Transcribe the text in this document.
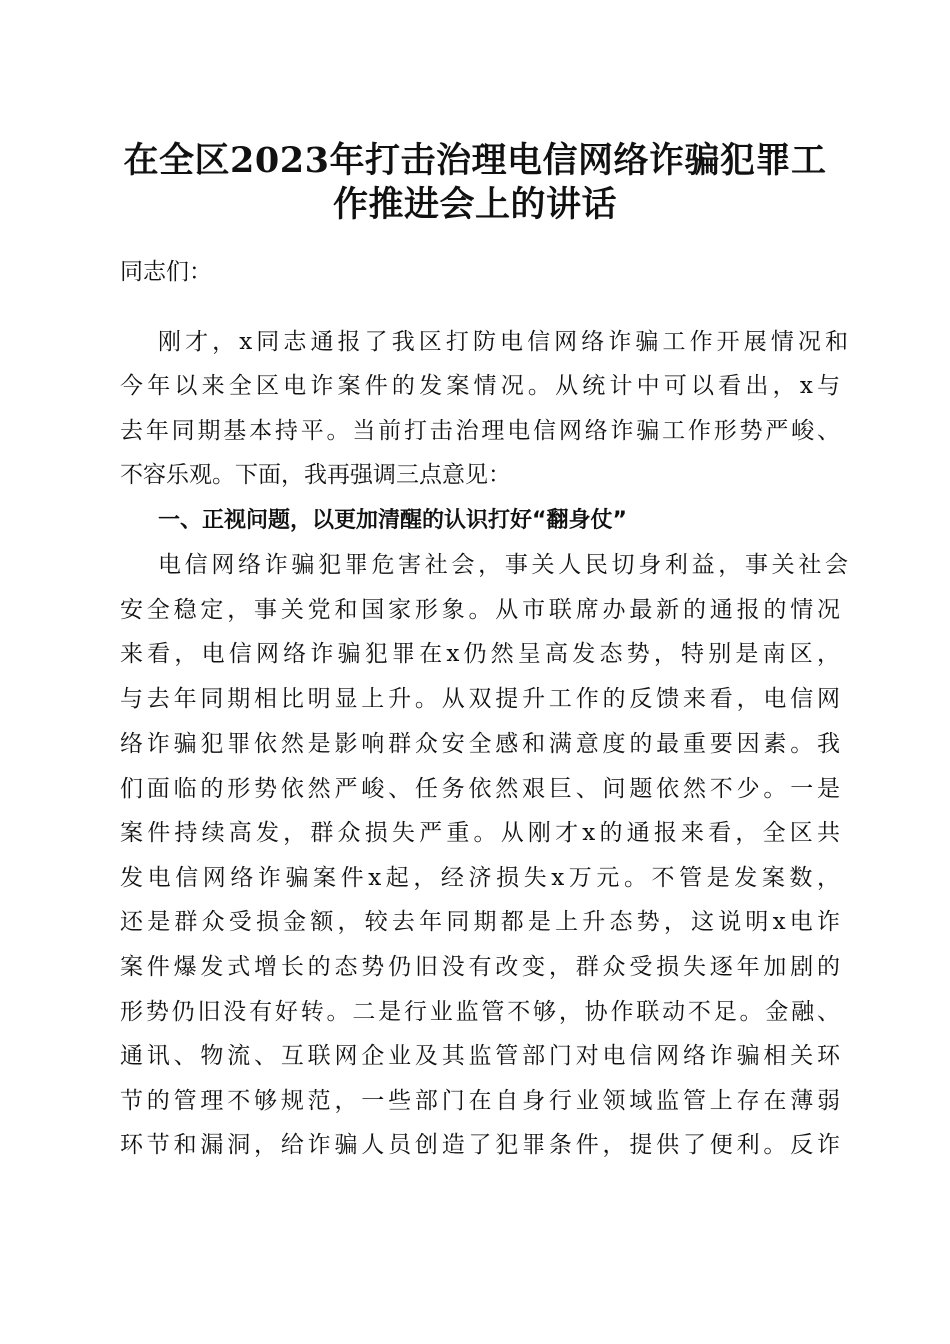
在全区2023年打击治理电信网络诈骗犯罪工
作推进会上的讲话

同志们：

刚才，x同志通报了我区打防电信网络诈骗工作开展情况和

今年以来全区电诈案件的发案情况。从统计中可以看出，x与

去年同期基本持平。当前打击治理电信网络诈骗工作形势严峻、

不容乐观。下面，我再强调三点意见：

一、正视问题，以更加清醒的认识打好“翻身仗”

电信网络诈骗犯罪危害社会，事关人民切身利益，事关社会

安全稳定，事关党和国家形象。从市联席办最新的通报的情况

来看，电信网络诈骗犯罪在x仍然呈高发态势，特别是南区，

与去年同期相比明显上升。从双提升工作的反馈来看，电信网

络诈骗犯罪依然是影响群众安全感和满意度的最重要因素。我

们面临的形势依然严峻、任务依然艰巨、问题依然不少。一是

案件持续高发，群众损失严重。从刚才x的通报来看，全区共

发电信网络诈骗案件x起，经济损失x万元。不管是发案数，

还是群众受损金额，较去年同期都是上升态势，这说明x电诈

案件爆发式增长的态势仍旧没有改变，群众受损失逐年加剧的

形势仍旧没有好转。二是行业监管不够，协作联动不足。金融、

通讯、物流、互联网企业及其监管部门对电信网络诈骗相关环

节的管理不够规范，一些部门在自身行业领域监管上存在薄弱

环节和漏洞，给诈骗人员创造了犯罪条件，提供了便利。反诈
